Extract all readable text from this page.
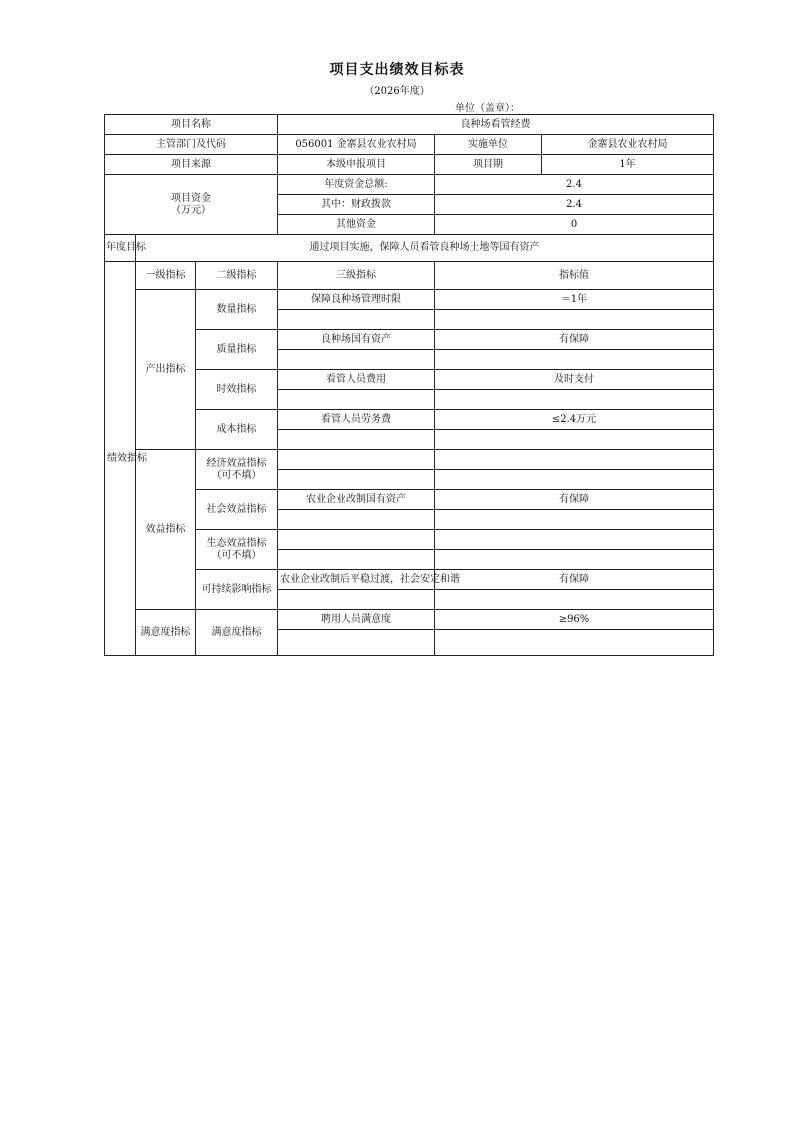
项目支出绩效目标表
（2026年度）
单位（盖章）：
项目名称			良种场看管经费		
主管部门及代码			056001 金寨县农业农村局	实施单位	金寨县农业农村局
项目来源			本级申报项目	项目期	1年
项目资金
（万元）			年度资金总额:	2.4	
			其中：财政拨款	2.4	
			其他资金	0	
年度目标	通过项目实施，保障人员看管良种场土地等国有资产				
绩效指标	一级指标	二级指标	三级指标	指标值	
	产出指标	数量指标	保障良种场管理时限	＝1年	

		质量指标	良种场国有资产	有保障	

		时效指标	看管人员费用	及时支付	

		成本指标	看管人员劳务费	≤2.4万元	

	效益指标	经济效益指标
（可不填）			

		社会效益指标	农业企业改制国有资产	有保障	

		生态效益指标
（可不填）			

		可持续影响指标	农业企业改制后平稳过渡，社会安定和谐	有保障	

	满意度指标	满意度指标	聘用人员满意度	≥96%	
